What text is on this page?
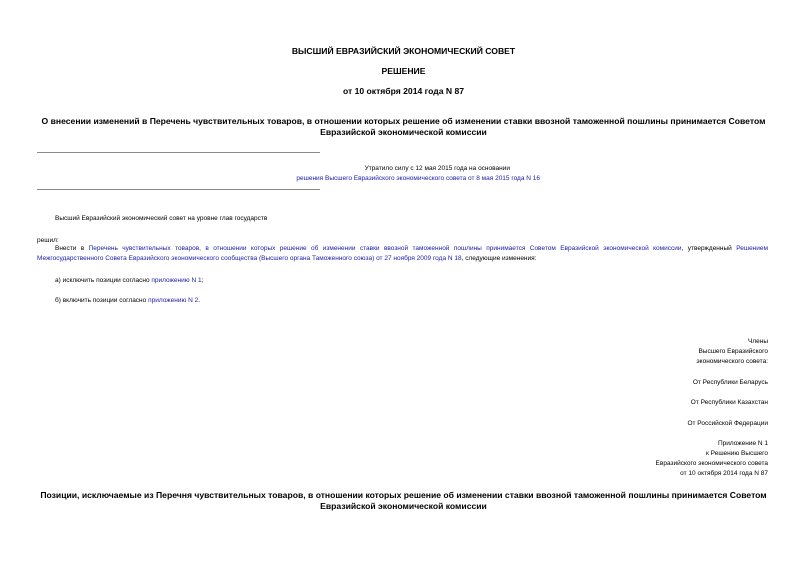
ВЫСШИЙ ЕВРАЗИЙСКИЙ ЭКОНОМИЧЕСКИЙ СОВЕТ
РЕШЕНИЕ
от 10 октября 2014 года N 87
О внесении изменений в Перечень чувствительных товаров, в отношении которых решение об изменении ставки ввозной таможенной пошлины принимается Советом Евразийской экономической комиссии
Утратило силу с 12 мая 2015 года на основании
решения Высшего Евразийского экономического совета от 8 мая 2015 года N 16
Высший Евразийский экономический совет на уровне глав государств
решил:
Внести в Перечень чувствительных товаров, в отношении которых решение об изменении ставки ввозной таможенной пошлины принимается Советом Евразийской экономической комиссии, утвержденный Решением Межгосударственного Совета Евразийского экономического сообщества (Высшего органа Таможенного союза) от 27 ноября 2009 года N 18, следующие изменения:
а) исключить позиции согласно приложению N 1;
б) включить позиции согласно приложению N 2.
Члены
Высшего Евразийского
экономического совета:
От Республики Беларусь
От Республики Казахстан
От Российской Федерации
Приложение N 1
к Решению Высшего
Евразийского экономического совета
от 10 октября 2014 года N 87
Позиции, исключаемые из Перечня чувствительных товаров, в отношении которых решение об изменении ставки ввозной таможенной пошлины принимается Советом Евразийской экономической комиссии
